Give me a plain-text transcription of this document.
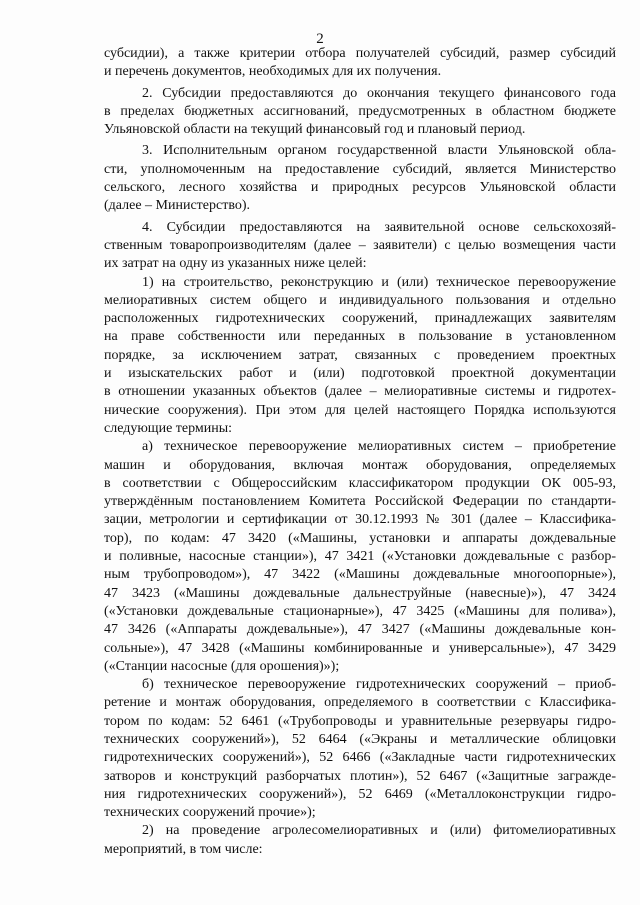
2
субсидии), а также критерии отбора получателей субсидий, размер субсидий
и перечень документов, необходимых для их получения.
2. Субсидии предоставляются до окончания текущего финансового года
в пределах бюджетных ассигнований, предусмотренных в областном бюджете
Ульяновской области на текущий финансовый год и плановый период.
3. Исполнительным органом государственной власти Ульяновской обла-
сти, уполномоченным на предоставление субсидий, является Министерство
сельского, лесного хозяйства и природных ресурсов Ульяновской области
(далее – Министерство).
4. Субсидии предоставляются на заявительной основе сельскохозяй-
ственным товаропроизводителям (далее – заявители) с целью возмещения части
их затрат на одну из указанных ниже целей:
1) на строительство, реконструкцию и (или) техническое перевооружение
мелиоративных систем общего и индивидуального пользования и отдельно
расположенных гидротехнических сооружений, принадлежащих заявителям
на праве собственности или переданных в пользование в установленном
порядке, за исключением затрат, связанных с проведением проектных
и изыскательских работ и (или) подготовкой проектной документации
в отношении указанных объектов (далее – мелиоративные системы и гидротех-
нические сооружения). При этом для целей настоящего Порядка используются
следующие термины:
а) техническое перевооружение мелиоративных систем – приобретение
машин и оборудования, включая монтаж оборудования, определяемых
в соответствии с Общероссийским классификатором продукции ОК 005-93,
утверждённым постановлением Комитета Российской Федерации по стандарти-
зации, метрологии и сертификации от 30.12.1993 № 301 (далее – Классифика-
тор), по кодам: 47 3420 («Машины, установки и аппараты дождевальные
и поливные, насосные станции»), 47 3421 («Установки дождевальные с разбор-
ным трубопроводом»), 47 3422 («Машины дождевальные многоопорные»),
47 3423 («Машины дождевальные дальнеструйные (навесные)»), 47 3424
(«Установки дождевальные стационарные»), 47 3425 («Машины для полива»),
47 3426 («Аппараты дождевальные»), 47 3427 («Машины дождевальные кон-
сольные»), 47 3428 («Машины комбинированные и универсальные»), 47 3429
(«Станции насосные (для орошения)»);
б) техническое перевооружение гидротехнических сооружений – приоб-
ретение и монтаж оборудования, определяемого в соответствии с Классифика-
тором по кодам: 52 6461 («Трубопроводы и уравнительные резервуары гидро-
технических сооружений»), 52 6464 («Экраны и металлические облицовки
гидротехнических сооружений»), 52 6466 («Закладные части гидротехнических
затворов и конструкций разборчатых плотин»), 52 6467 («Защитные загражде-
ния гидротехнических сооружений»), 52 6469 («Металлоконструкции гидро-
технических сооружений прочие»);
2) на проведение агролесомелиоративных и (или) фитомелиоративных
мероприятий, в том числе:
